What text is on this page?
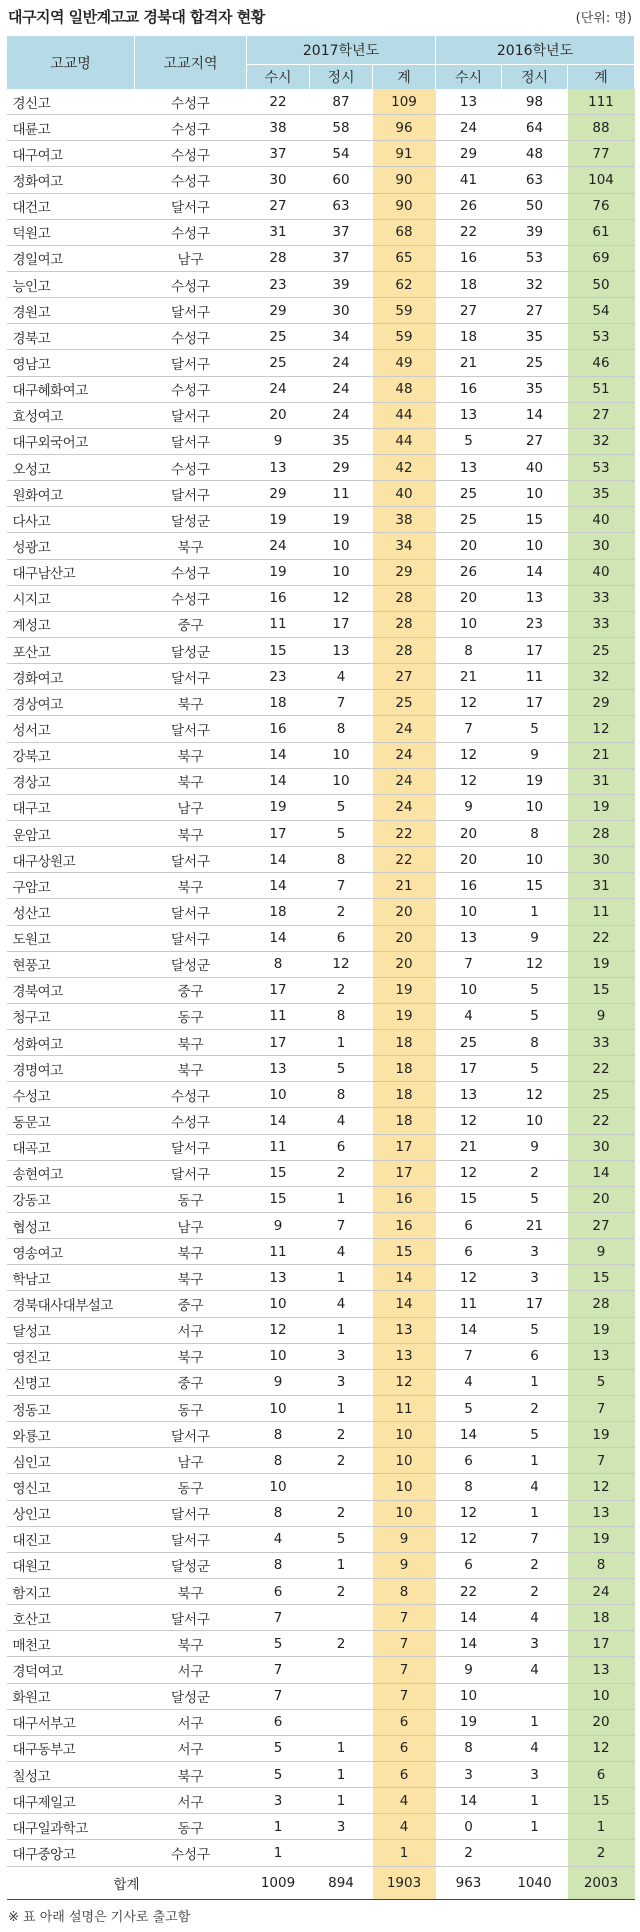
대구지역 일반계고교 경북대 합격자 현황	(단위: 명)
고교명	고교지역	2017학년도			2016학년도		
		수시	정시	계	수시	정시	계
경신고	수성구	22	87	109	13	98	111
대륜고	수성구	38	58	96	24	64	88
대구여고	수성구	37	54	91	29	48	77
정화여고	수성구	30	60	90	41	63	104
대건고	달서구	27	63	90	26	50	76
덕원고	수성구	31	37	68	22	39	61
경일여고	남구	28	37	65	16	53	69
능인고	수성구	23	39	62	18	32	50
경원고	달서구	29	30	59	27	27	54
경북고	수성구	25	34	59	18	35	53
영남고	달서구	25	24	49	21	25	46
대구혜화여고	수성구	24	24	48	16	35	51
효성여고	달서구	20	24	44	13	14	27
대구외국어고	달서구	9	35	44	5	27	32
오성고	수성구	13	29	42	13	40	53
원화여고	달서구	29	11	40	25	10	35
다사고	달성군	19	19	38	25	15	40
성광고	북구	24	10	34	20	10	30
대구남산고	수성구	19	10	29	26	14	40
시지고	수성구	16	12	28	20	13	33
계성고	중구	11	17	28	10	23	33
포산고	달성군	15	13	28	8	17	25
경화여고	달서구	23	4	27	21	11	32
경상여고	북구	18	7	25	12	17	29
성서고	달서구	16	8	24	7	5	12
강북고	북구	14	10	24	12	9	21
경상고	북구	14	10	24	12	19	31
대구고	남구	19	5	24	9	10	19
운암고	북구	17	5	22	20	8	28
대구상원고	달서구	14	8	22	20	10	30
구암고	북구	14	7	21	16	15	31
성산고	달서구	18	2	20	10	1	11
도원고	달서구	14	6	20	13	9	22
현풍고	달성군	8	12	20	7	12	19
경북여고	중구	17	2	19	10	5	15
청구고	동구	11	8	19	4	5	9
성화여고	북구	17	1	18	25	8	33
경명여고	북구	13	5	18	17	5	22
수성고	수성구	10	8	18	13	12	25
동문고	수성구	14	4	18	12	10	22
대곡고	달서구	11	6	17	21	9	30
송현여고	달서구	15	2	17	12	2	14
강동고	동구	15	1	16	15	5	20
협성고	남구	9	7	16	6	21	27
영송여고	북구	11	4	15	6	3	9
학남고	북구	13	1	14	12	3	15
경북대사대부설고	중구	10	4	14	11	17	28
달성고	서구	12	1	13	14	5	19
영진고	북구	10	3	13	7	6	13
신명고	중구	9	3	12	4	1	5
정동고	동구	10	1	11	5	2	7
와룡고	달서구	8	2	10	14	5	19
심인고	남구	8	2	10	6	1	7
영신고	동구	10		10	8	4	12
상인고	달서구	8	2	10	12	1	13
대진고	달서구	4	5	9	12	7	19
대원고	달성군	8	1	9	6	2	8
함지고	북구	6	2	8	22	2	24
호산고	달서구	7		7	14	4	18
매천고	북구	5	2	7	14	3	17
경덕여고	서구	7		7	9	4	13
화원고	달성군	7		7	10		10
대구서부고	서구	6		6	19	1	20
대구동부고	서구	5	1	6	8	4	12
칠성고	북구	5	1	6	3	3	6
대구제일고	서구	3	1	4	14	1	15
대구일과학고	동구	1	3	4	0	1	1
대구중앙고	수성구	1		1	2		2
합계		1009	894	1903	963	1040	2003
※ 표 아래 설명은 기사로 출고함
